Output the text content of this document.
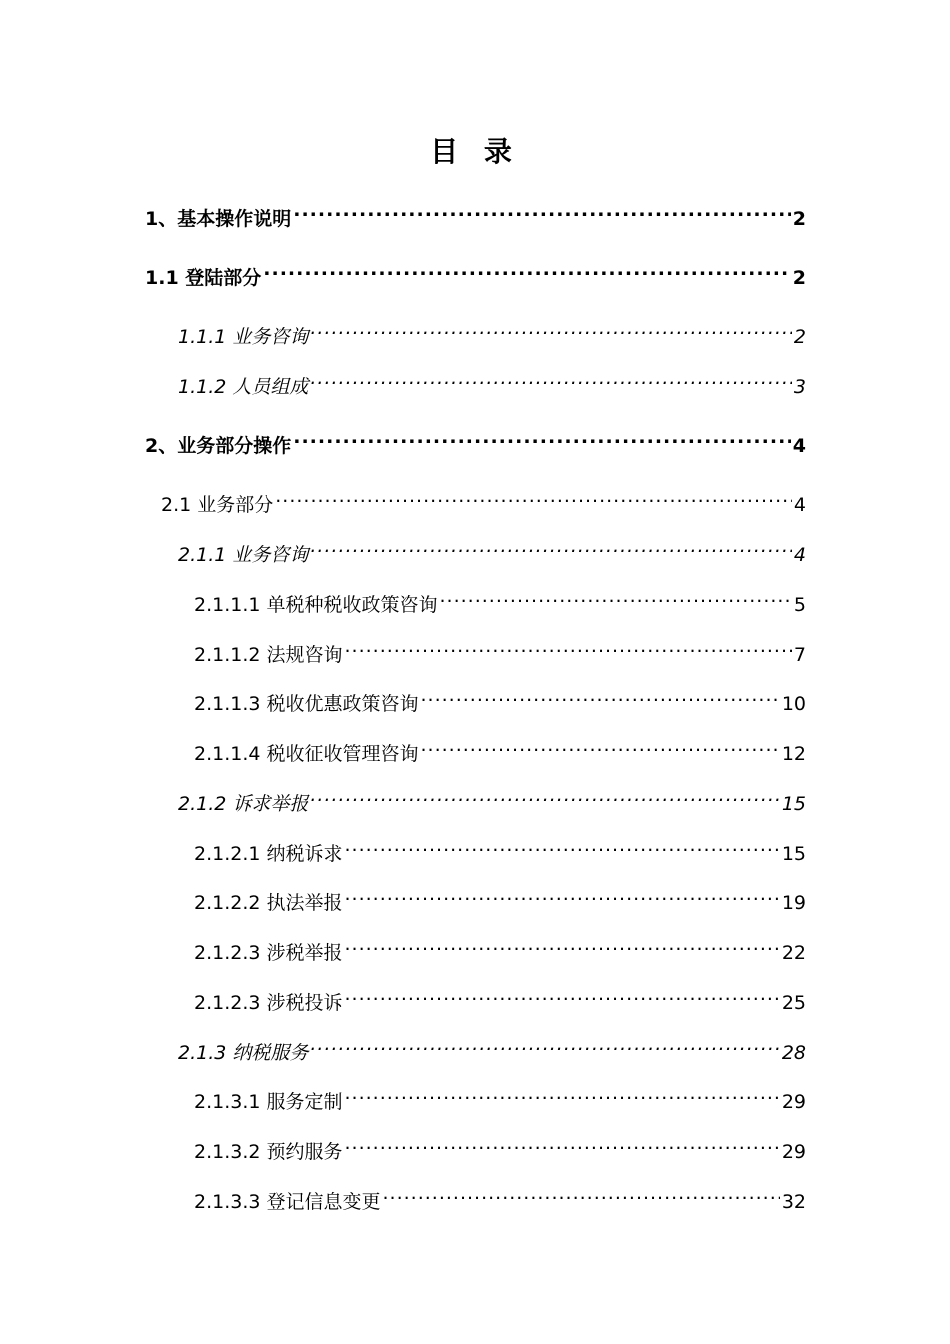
目 录
1、基本操作说明 .....	2
1.1 登陆部分 .....	2
1.1.1 业务咨询 .....	2
1.1.2 人员组成 .....	3
2、业务部分操作 .....	4
2.1 业务部分 .....	4
2.1.1 业务咨询 .....	4
2.1.1.1 单税种税收政策咨询 .....	5
2.1.1.2 法规咨询 .....	7
2.1.1.3 税收优惠政策咨询 .....	10
2.1.1.4 税收征收管理咨询 .....	12
2.1.2 诉求举报 .....	15
2.1.2.1 纳税诉求 .....	15
2.1.2.2 执法举报 .....	19
2.1.2.3 涉税举报 .....	22
2.1.2.3 涉税投诉 .....	25
2.1.3 纳税服务 .....	28
2.1.3.1 服务定制 .....	29
2.1.3.2 预约服务 .....	29
2.1.3.3 登记信息变更 .....	32
